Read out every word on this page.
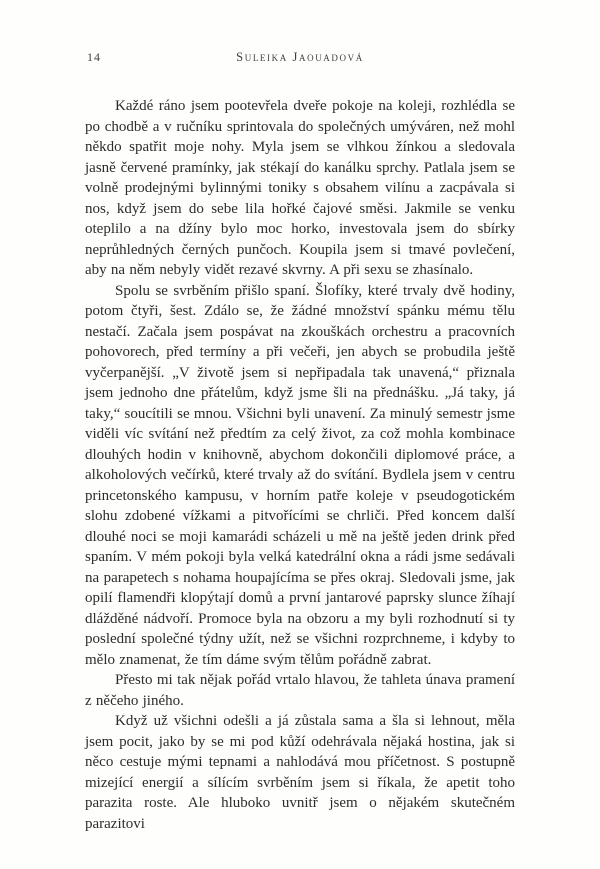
14	Suleika Jaouadová

Každé ráno jsem pootevřela dveře pokoje na koleji, rozhlédla se po chodbě a v ručníku sprintovala do společných umýváren, než mohl někdo spatřit moje nohy. Myla jsem se vlhkou žínkou a sledovala jasně červené pramínky, jak stékají do kanálku sprchy. Patlala jsem se volně prodejnými bylinnými toniky s obsahem vilínu a zacpávala si nos, když jsem do sebe lila hořké čajové směsi. Jakmile se venku oteplilo a na džíny bylo moc horko, investovala jsem do sbírky neprůhledných černých punčoch. Koupila jsem si tmavé povlečení, aby na něm nebyly vidět rezavé skvrny. A při sexu se zhasínalo.

Spolu se svrběním přišlo spaní. Šlofíky, které trvaly dvě hodiny, potom čtyři, šest. Zdálo se, že žádné množství spánku mému tělu nestačí. Začala jsem pospávat na zkouškách orchestru a pracovních pohovorech, před termíny a při večeři, jen abych se probudila ještě vyčerpanější. „V životě jsem si nepřipadala tak unavená,“ přiznala jsem jednoho dne přátelům, když jsme šli na přednášku. „Já taky, já taky,“ soucítili se mnou. Všichni byli unavení. Za minulý semestr jsme viděli víc svítání než předtím za celý život, za což mohla kombinace dlouhých hodin v knihovně, abychom dokončili diplomové práce, a alkoholových večírků, které trvaly až do svítání. Bydlela jsem v centru princetonského kampusu, v horním patře koleje v pseudogotickém slohu zdobené vížkami a pitvořícími se chrliči. Před koncem další dlouhé noci se moji kamarádi scházeli u mě na ještě jeden drink před spaním. V mém pokoji byla velká katedrální okna a rádi jsme sedávali na parapetech s nohama houpajícíma se přes okraj. Sledovali jsme, jak opilí flamendři klopýtají domů a první jantarové paprsky slunce žíhají dlážděné nádvoří. Promoce byla na obzoru a my byli rozhodnutí si ty poslední společné týdny užít, než se všichni rozprchneme, i kdyby to mělo znamenat, že tím dáme svým tělům pořádně zabrat.

Přesto mi tak nějak pořád vrtalo hlavou, že tahleta únava pramení z něčeho jiného.

Když už všichni odešli a já zůstala sama a šla si lehnout, měla jsem pocit, jako by se mi pod kůží odehrávala nějaká hostina, jak si něco cestuje mými tepnami a nahlodává mou příčetnost. S postupně mizející energií a sílícím svrběním jsem si říkala, že apetit toho parazita roste. Ale hluboko uvnitř jsem o nějakém skutečném parazitovi
